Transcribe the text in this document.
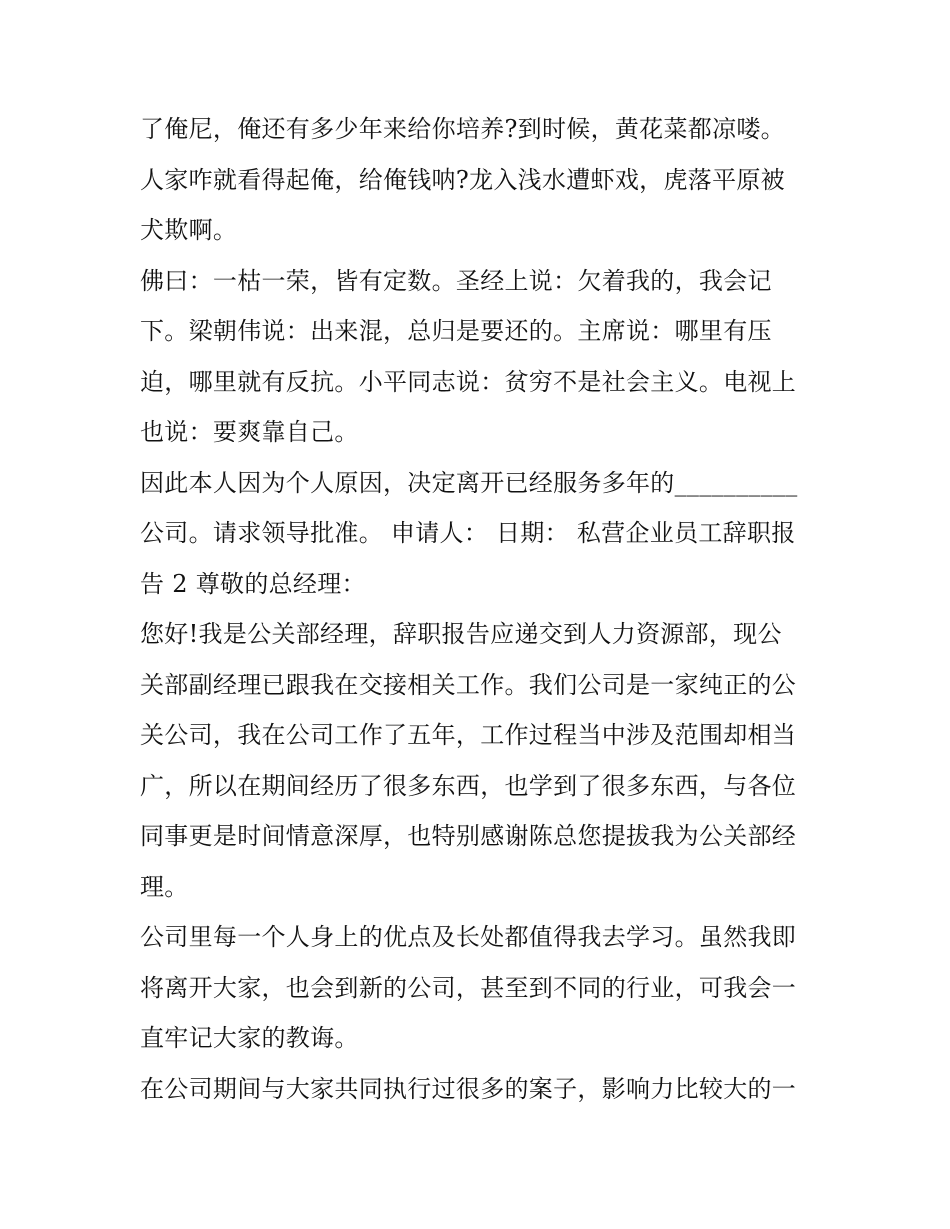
了俺尼，俺还有多少年来给你培养?到时候，黄花菜都凉喽。
人家咋就看得起俺，给俺钱呐?龙入浅水遭虾戏，虎落平原被
犬欺啊。

佛曰：一枯一荣，皆有定数。圣经上说：欠着我的，我会记
下。梁朝伟说：出来混，总归是要还的。主席说：哪里有压
迫，哪里就有反抗。小平同志说：贫穷不是社会主义。电视上
也说：要爽靠自己。

因此本人因为个人原因，决定离开已经服务多年的__________
公司。请求领导批准。 申请人： 日期： 私营企业员工辞职报
告 2 尊敬的总经理：

您好!我是公关部经理，辞职报告应递交到人力资源部，现公
关部副经理已跟我在交接相关工作。我们公司是一家纯正的公
关公司，我在公司工作了五年，工作过程当中涉及范围却相当
广，所以在期间经历了很多东西，也学到了很多东西，与各位
同事更是时间情意深厚，也特别感谢陈总您提拔我为公关部经
理。

公司里每一个人身上的优点及长处都值得我去学习。虽然我即
将离开大家，也会到新的公司，甚至到不同的行业，可我会一
直牢记大家的教诲。

在公司期间与大家共同执行过很多的案子，影响力比较大的一
